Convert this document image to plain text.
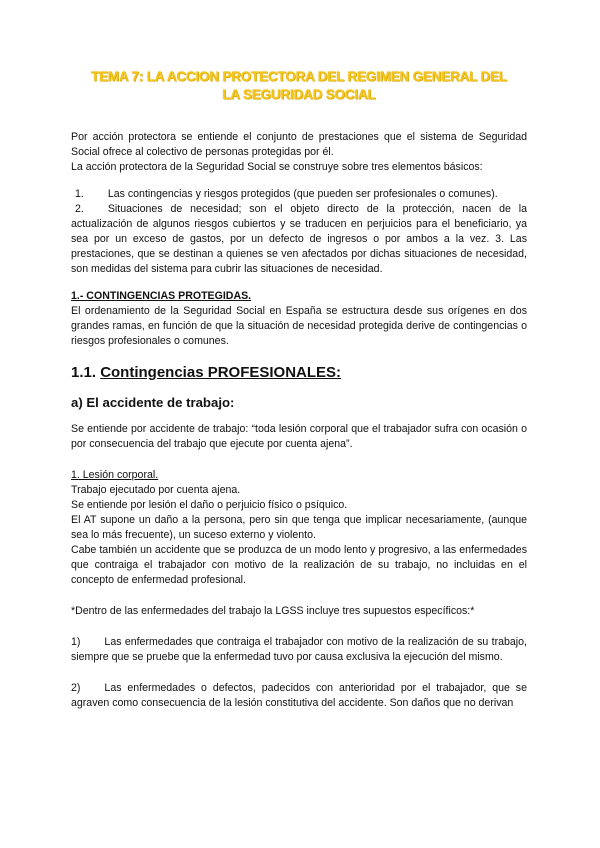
TEMA 7: LA ACCION PROTECTORA DEL REGIMEN GENERAL DEL
LA SEGURIDAD SOCIAL

Por acción protectora se entiende el conjunto de prestaciones que el sistema de Seguridad Social ofrece al colectivo de personas protegidas por él.

La acción protectora de la Seguridad Social se construye sobre tres elementos básicos:

1. Las contingencias y riesgos protegidos (que pueden ser profesionales o comunes).

2. Situaciones de necesidad; son el objeto directo de la protección, nacen de la actualización de algunos riesgos cubiertos y se traducen en perjuicios para el beneficiario, ya sea por un exceso de gastos, por un defecto de ingresos o por ambos a la vez. 3. Las prestaciones, que se destinan a quienes se ven afectados por dichas situaciones de necesidad, son medidas del sistema para cubrir las situaciones de necesidad.

1.- CONTINGENCIAS PROTEGIDAS.

El ordenamiento de la Seguridad Social en España se estructura desde sus orígenes en dos grandes ramas, en función de que la situación de necesidad protegida derive de contingencias o riesgos profesionales o comunes.

1.1. Contingencias PROFESIONALES:
a) El accidente de trabajo:

Se entiende por accidente de trabajo: “toda lesión corporal que el trabajador sufra con ocasión o por consecuencia del trabajo que ejecute por cuenta ajena”.

1. Lesión corporal.

Trabajo ejecutado por cuenta ajena.

Se entiende por lesión el daño o perjuicio físico o psíquico.

El AT supone un daño a la persona, pero sin que tenga que implicar necesariamente, (aunque sea lo más frecuente), un suceso externo y violento.

Cabe también un accidente que se produzca de un modo lento y progresivo, a las enfermedades que contraiga el trabajador con motivo de la realización de su trabajo, no incluidas en el concepto de enfermedad profesional.

*Dentro de las enfermedades del trabajo la LGSS incluye tres supuestos específicos:*

1) Las enfermedades que contraiga el trabajador con motivo de la realización de su trabajo, siempre que se pruebe que la enfermedad tuvo por causa exclusiva la ejecución del mismo.

2) Las enfermedades o defectos, padecidos con anterioridad por el trabajador, que se agraven como consecuencia de la lesión constitutiva del accidente. Son daños que no derivan
